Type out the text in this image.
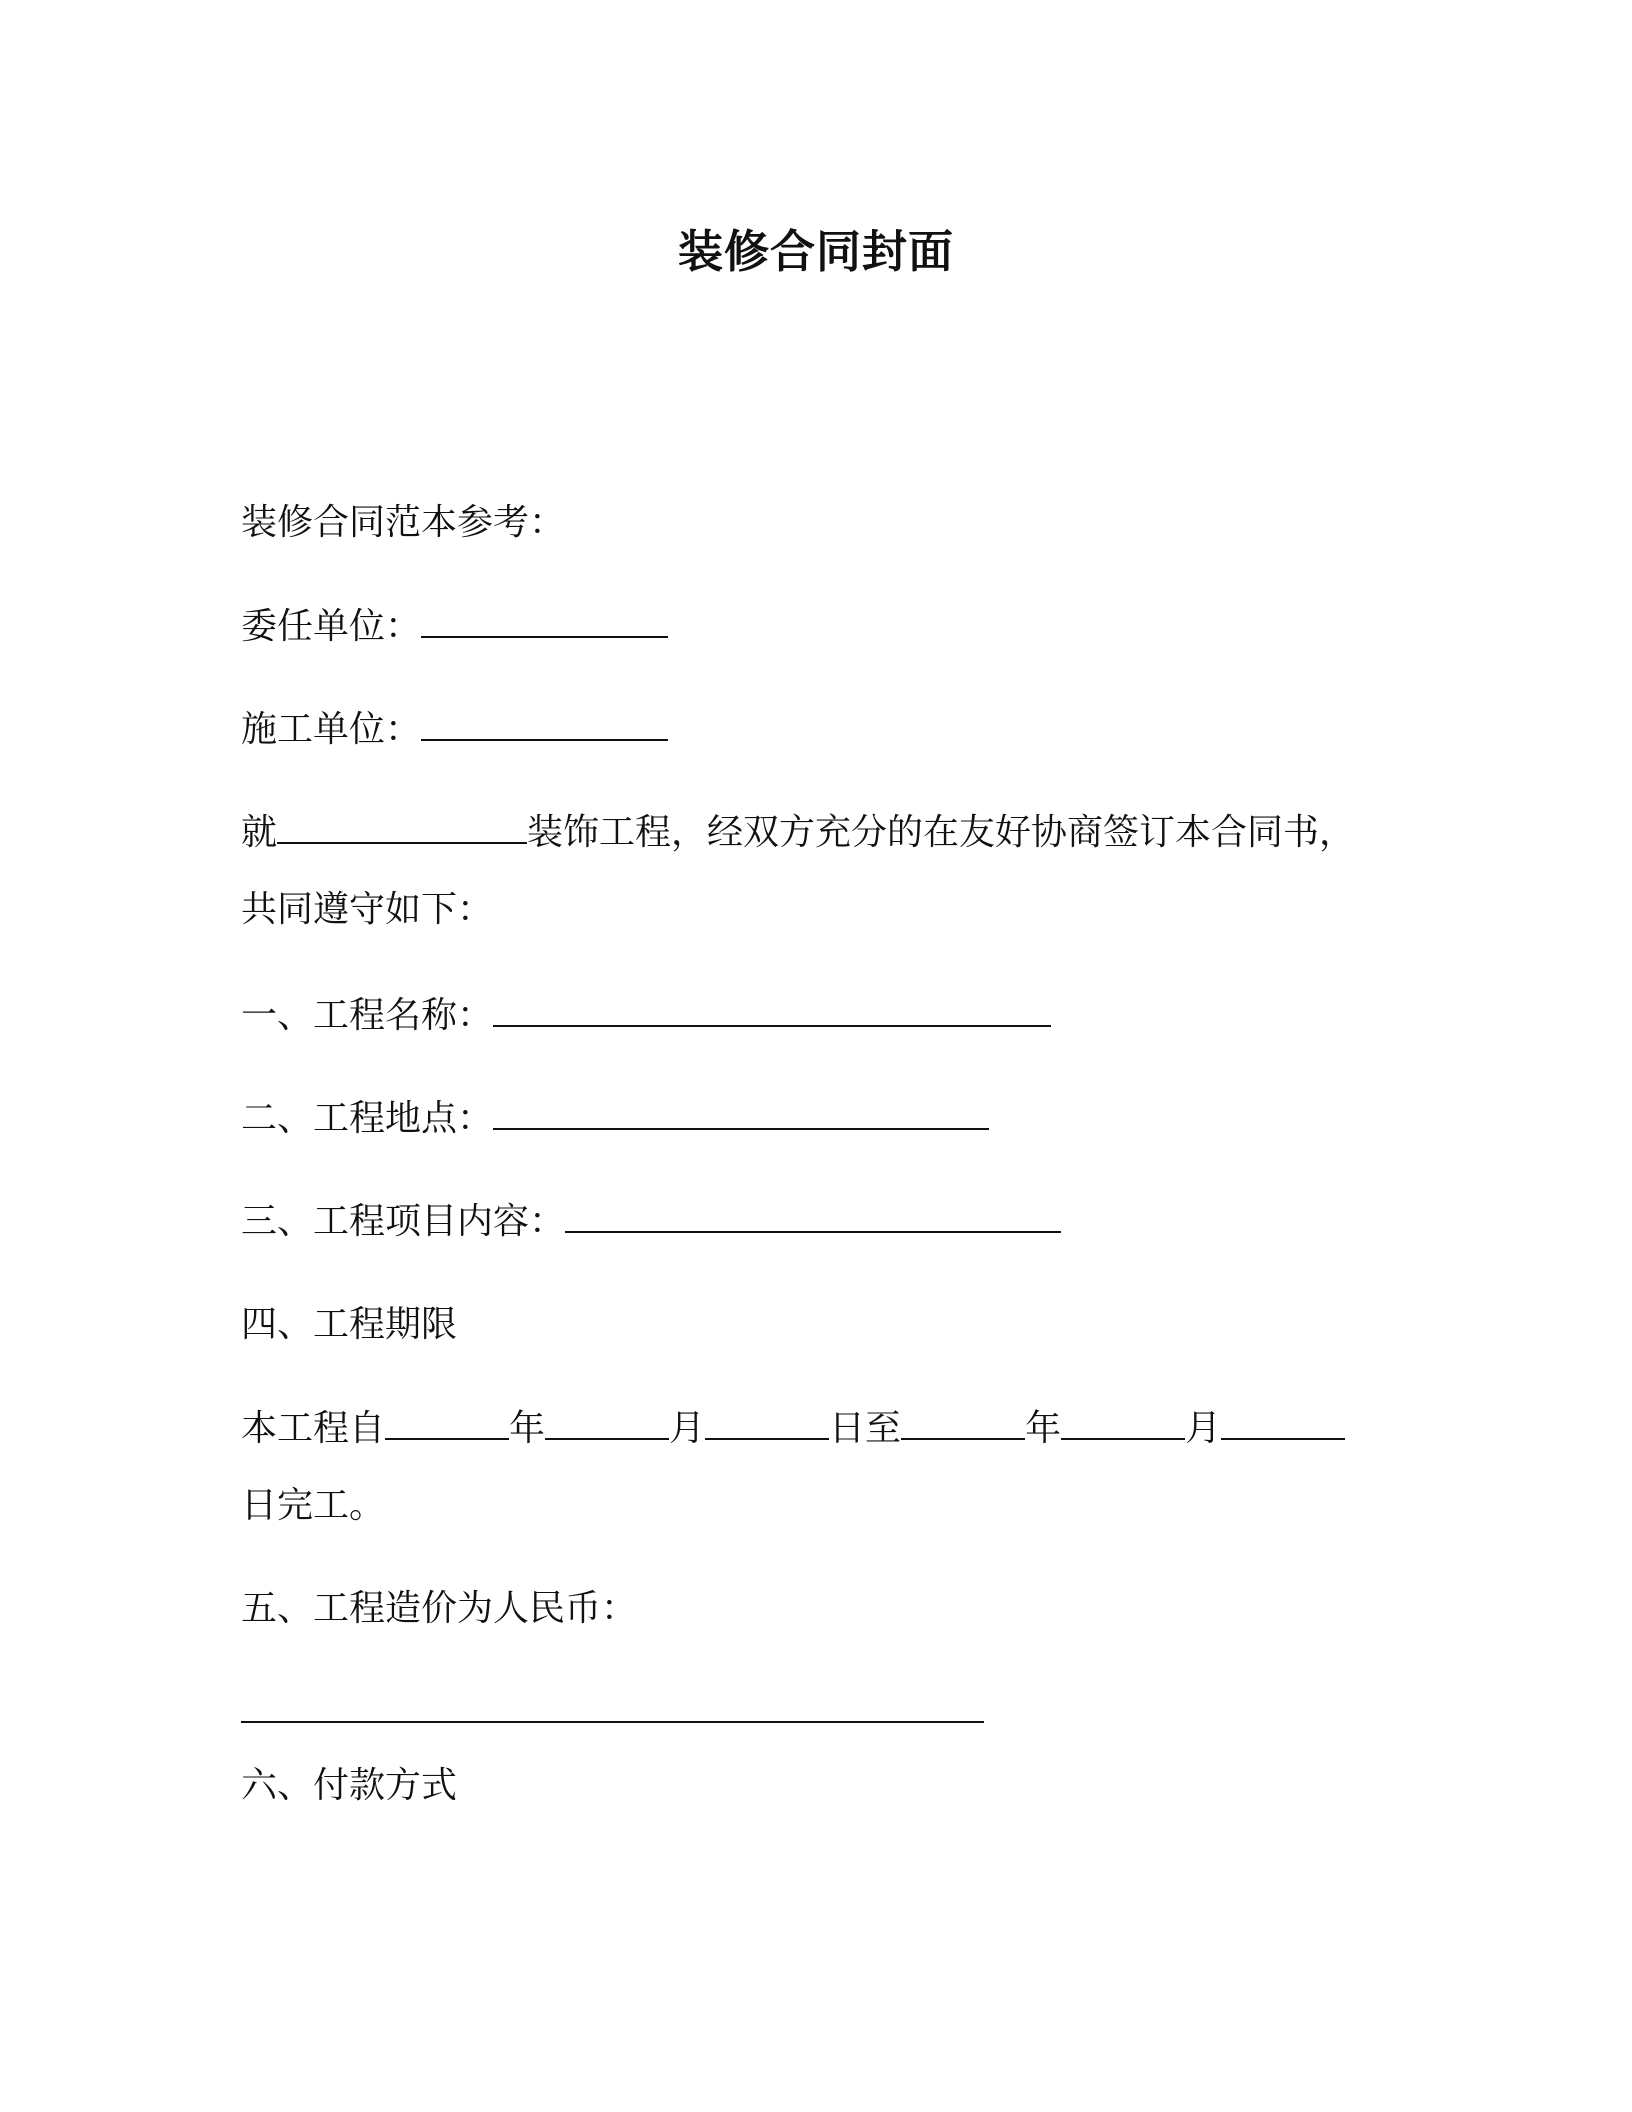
装修合同封面
装修合同范本参考：
委任单位：
施工单位：
就	装饰工程，经双方充分的在友好协商签订本合同书，
共同遵守如下：
一、工程名称：
二、工程地点：
三、工程项目内容：
四、工程期限
本工程自	年	月	日至	年	月
日完工。
五、工程造价为人民币：
六、付款方式
